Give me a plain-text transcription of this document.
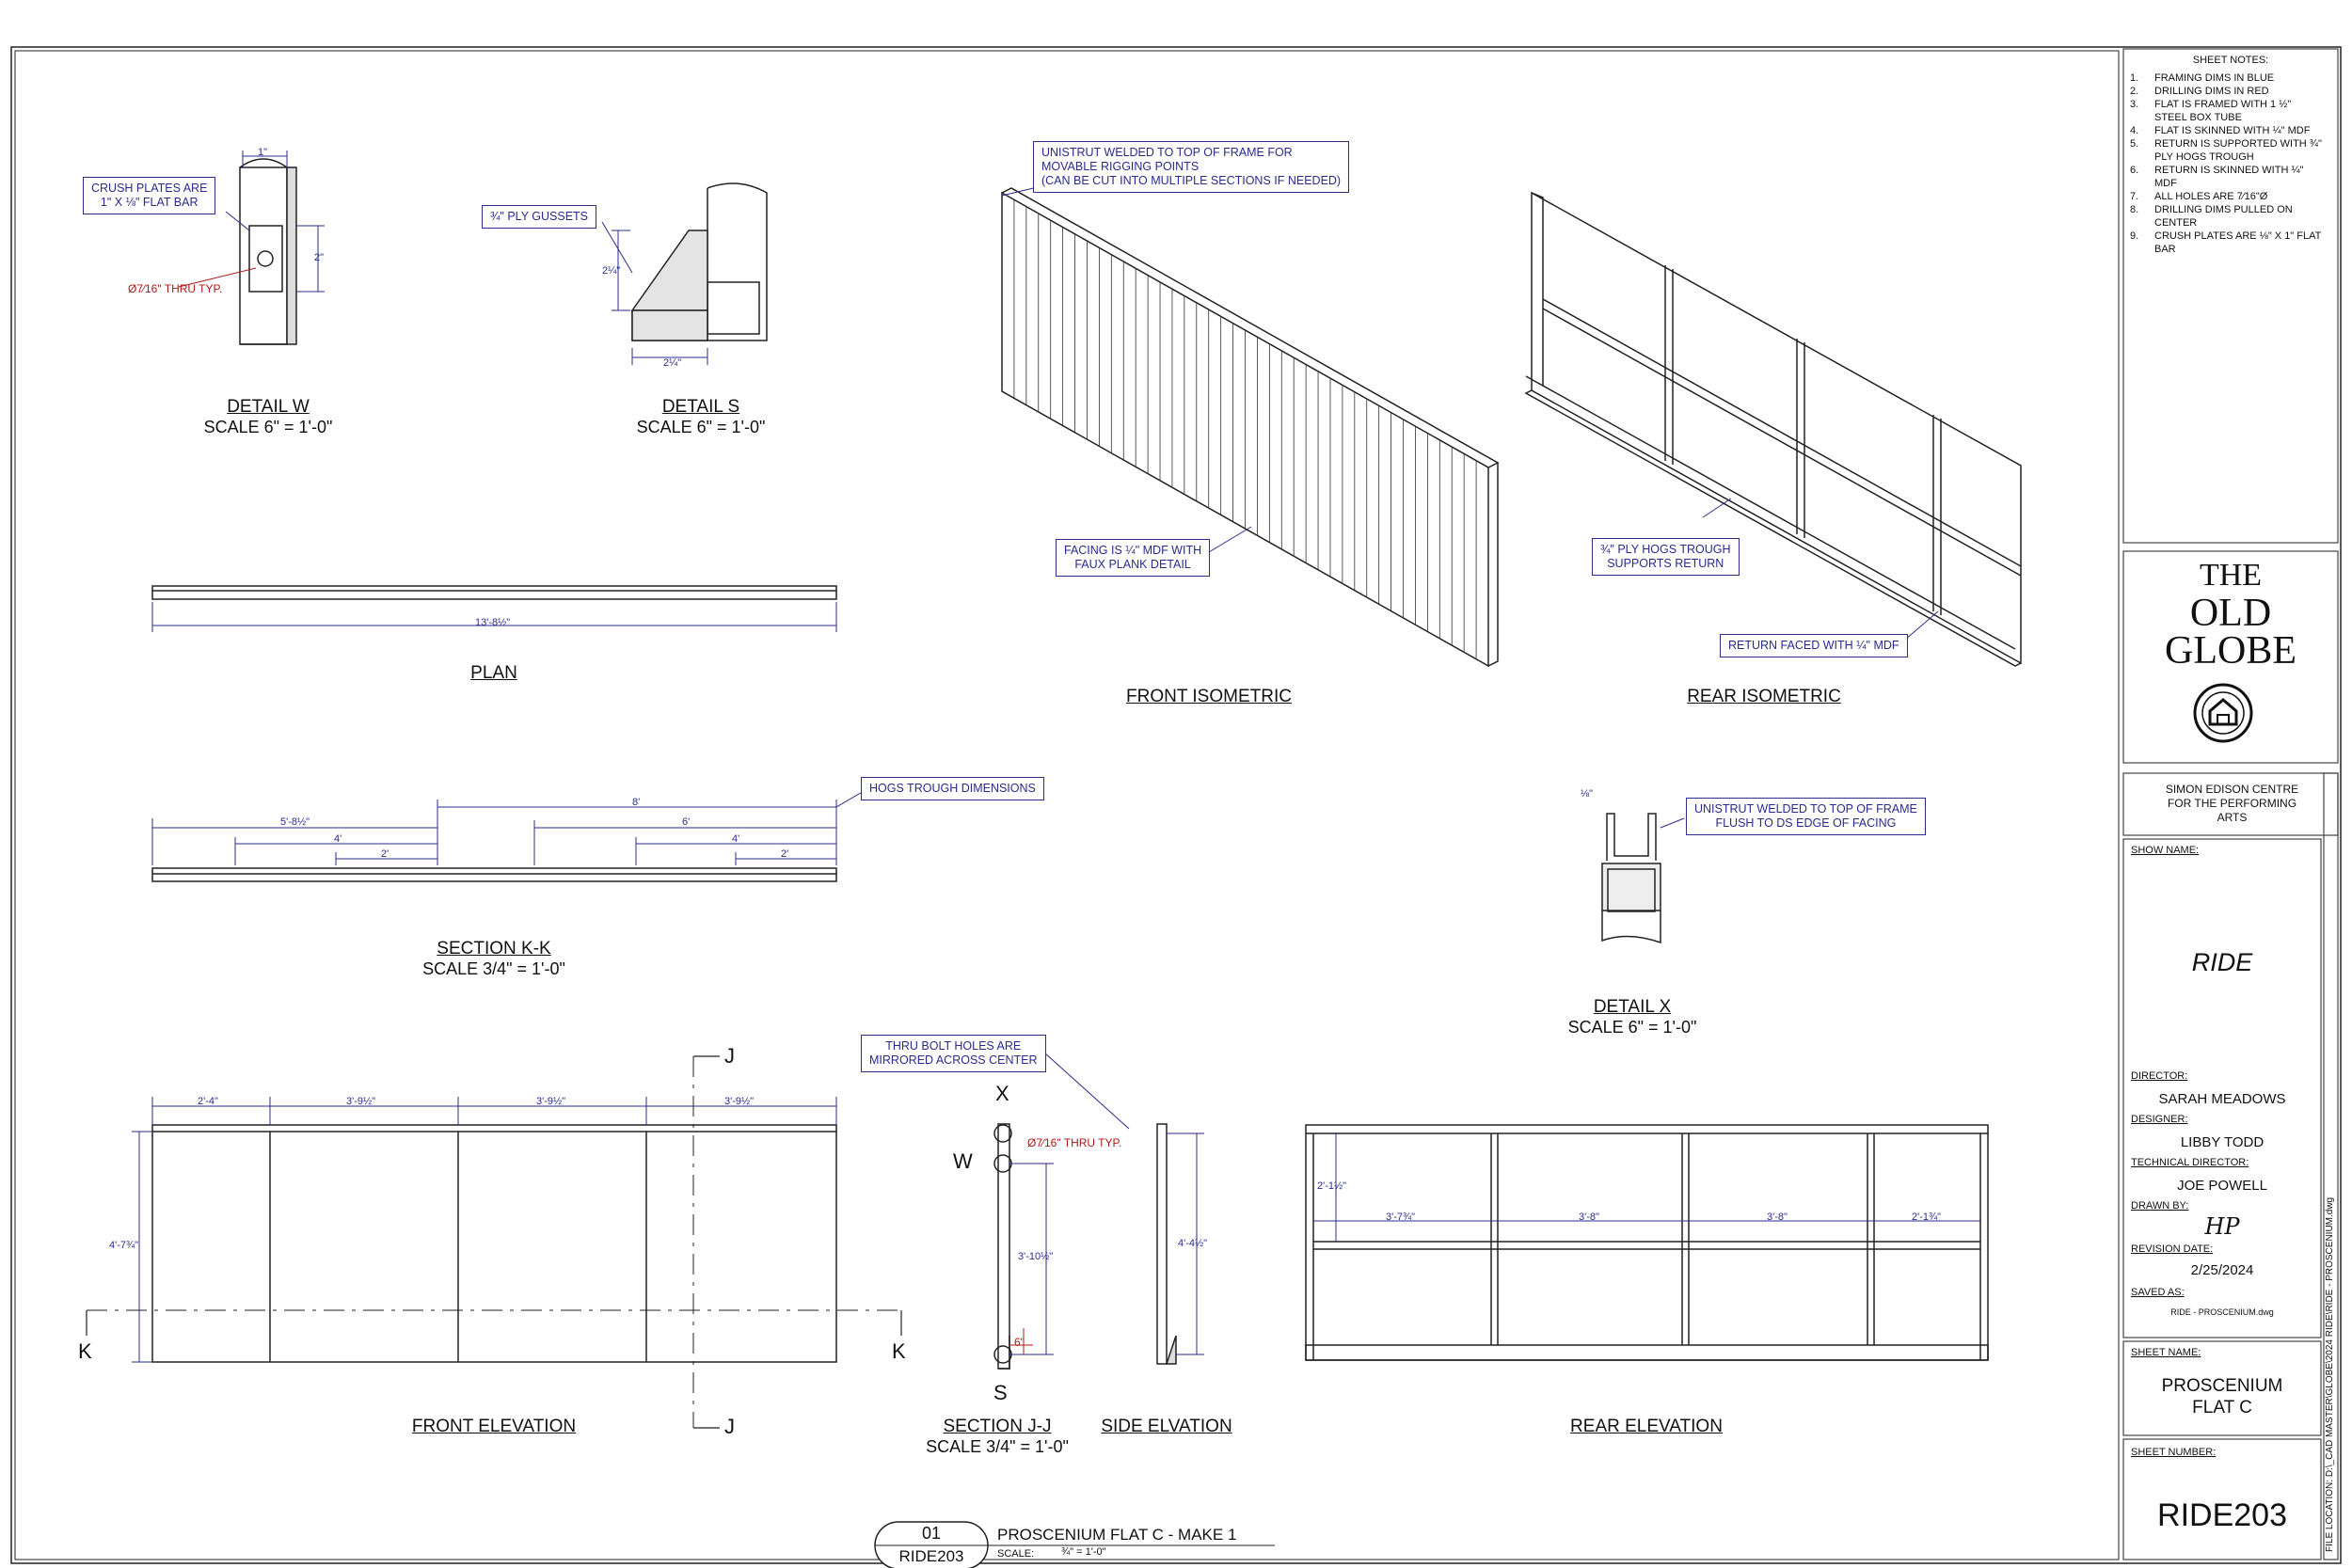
CRUSH PLATES ARE
1" X ⅛" FLAT BAR
¾" PLY GUSSETS
UNISTRUT WELDED TO TOP OF FRAME FOR
MOVABLE RIGGING POINTS
(CAN BE CUT INTO MULTIPLE SECTIONS IF NEEDED)
FACING IS ¼" MDF WITH
FAUX PLANK DETAIL
¾" PLY HOGS TROUGH
SUPPORTS RETURN
RETURN FACED WITH ¼" MDF
HOGS TROUGH DIMENSIONS
UNISTRUT WELDED TO TOP OF FRAME
FLUSH TO DS EDGE OF FACING
THRU BOLT HOLES ARE
MIRRORED ACROSS CENTER
1"
2"
Ø7⁄16" THRU TYP.
2¼"
2¼"
13'-8½"
5'-8½"
8'
4'
6'
2'
4'
2'
⅛"
2'-4"	3'-9½"	3'-9½"	3'-9½"
4'-7¾"
Ø7⁄16" THRU TYP.
3'-10½"
6"
4'-4½"
3'-7¾"	3'-8"	3'-8"	2'-1¾"
2'-1½"
J
J
K	K
X
W
S
DETAIL W
SCALE 6" = 1'-0"
DETAIL S
SCALE 6" = 1'-0"
PLAN
FRONT ISOMETRIC	REAR ISOMETRIC
SECTION K-K
SCALE 3/4" = 1'-0"
DETAIL X
SCALE 6" = 1'-0"
FRONT ELEVATION	SECTION J-J
SCALE 3/4" = 1'-0"
SIDE ELVATION	REAR ELEVATION
01
RIDE203
PROSCENIUM FLAT C - MAKE 1
SCALE:	¾" = 1'-0"
SHEET NOTES:
1.	FRAMING DIMS IN BLUE
2.	DRILLING DIMS IN RED
3.	FLAT IS FRAMED WITH 1 ½" STEEL BOX TUBE
4.	FLAT IS SKINNED WITH ¼" MDF
5.	RETURN IS SUPPORTED WITH ¾" PLY HOGS TROUGH
6.	RETURN IS SKINNED WITH ¼" MDF
7.	ALL HOLES ARE 7⁄16"Ø
8.	DRILLING DIMS PULLED ON CENTER
9.	CRUSH PLATES ARE ⅛" X 1" FLAT BAR
THE
OLD
GLOBE
SIMON EDISON CENTRE FOR THE PERFORMING ARTS
SHOW NAME:
RIDE
DIRECTOR:
SARAH MEADOWS
DESIGNER:
LIBBY TODD
TECHNICAL DIRECTOR:
JOE POWELL
DRAWN BY:
HP
REVISION DATE:
2/25/2024
SAVED AS:
RIDE - PROSCENIUM.dwg
SHEET NAME:
PROSCENIUM
FLAT C
SHEET NUMBER:
RIDE203	FILE LOCATION: D:\_CAD MASTER\GLOBE\2024 RIDE\RIDE - PROSCENIUM.dwg
